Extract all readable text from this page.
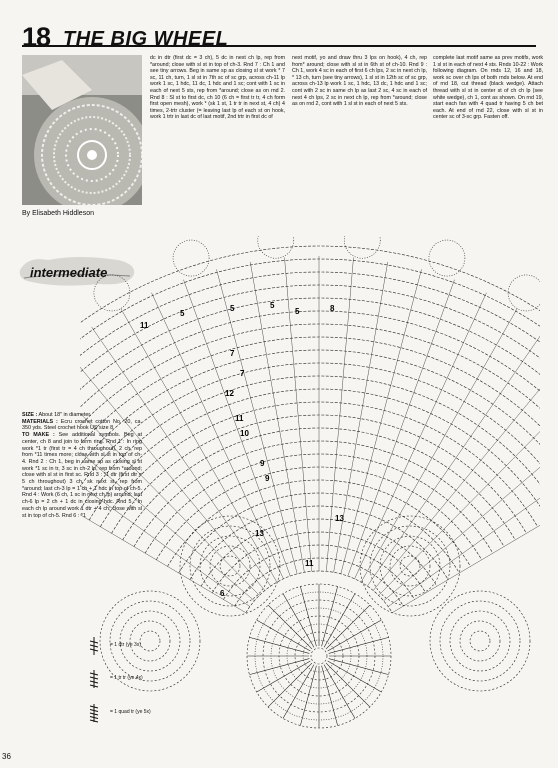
18 THE BIG WHEEL
By Elisabeth Hiddleson
intermediate
dc in dtr (first dc = 3 ch), 5 dc in next ch lp, rep from *around; close with sl st in top of ch-3. Rnd 7 : Ch 1 and see tiny arrows. Beg in same sp as closing sl st work * 7 sc, 11 ch, turn, 1 sl st in 7th sc of sc grp, across ch-11 lp work 1 sc, 1 hdc, 11 dc, 1 hdc and 1 sc; cont with 1 sc in each of next 5 sts, rep from *around; close as on rnd 2. Rnd 8 : Sl st to first dc, ch 10 (6 ch = first tr tr, 4 ch form first open mesh), work * (sk 1 st, 1 tr tr in next st, 4 ch) 4 times, 2-trtr cluster (= leaving last lp of each st on hook, work 1 trtr in last dc of last motif, 2nd trtr in first dc of
next motif, yo and draw thru 3 lps on hook), 4 ch, rep from* around; close with sl st in 6th st of ch-10. Rnd 9 : Ch 1, work 4 sc in each of first 6 ch lps, 2 sc in next ch lp, * 13 ch, turn (see tiny arrows), 1 sl st in 12th sc of sc grp, across ch-13 lp work 1 sc, 1 hdc, 13 dc, 1 hdc and 1 sc; cont with 2 sc in same ch lp as last 2 sc, 4 sc in each of next 4 ch lps, 2 sc in next ch lp, rep from *around; close as on rnd 2, cont with 1 sl st in each of next 5 sts.
complete last motif same as prev motifs, work 1 sl st in each of next 4 sts. Rnds 10-22 : Work following diagram. On rnds 12, 16 and 18, work sc over ch lps of both rnds below. At end of rnd 18, cut thread (black wedge). Attach thread with sl st in center st of ch ch lp (see white wedge), ch 1, cont as shown. On rnd 19, start each fan with 4 quad tr having 5 ch bet each. At end of rnd 22, close with sl st in center sc of 3-sc grp. Fasten off.
SIZE : About 18" in diameter.
MATERIALS : Ecru crochet cotton No. 20, ca. 350 yds. Steel crochet hook US size 8.
TO MAKE : See additional symbols. Beg at center, ch 8 and join to form ring. Rnd 1 : In ring work *1 tr (first tr = 4 ch throughout), 2 ch, rep from *11 times more; close with sl st in top of ch-4. Rnd 2 : Ch 1, beg in same sp as closing sl st work *1 sc in tr, 3 sc in ch-2 lp, rep from *around; close with sl st in first sc. Rnd 3 : *1 dtr (first dtr = 5 ch throughout) 3 ch, sk next st, rep from *around; last ch-3 lp = 1 ch + 1 hdc in top of ch-5. Rnd 4 : Work (6 ch, 1 sc in next ch lp) around; last ch-6 lp = 2 ch + 1 dc in closing hdc. Rnd 5 : In each ch lp around work 1 dtr + 4 ch; close with sl st in top of ch-5. Rnd 6 : *1
11
5
5	5
5	8
7
7
12
11
10
9
9
13
13
11
6
= 1 dtr (ye 3x)
= 1 tr tr (ye 4x)
= 1 quad tr (ye 5x)
36
